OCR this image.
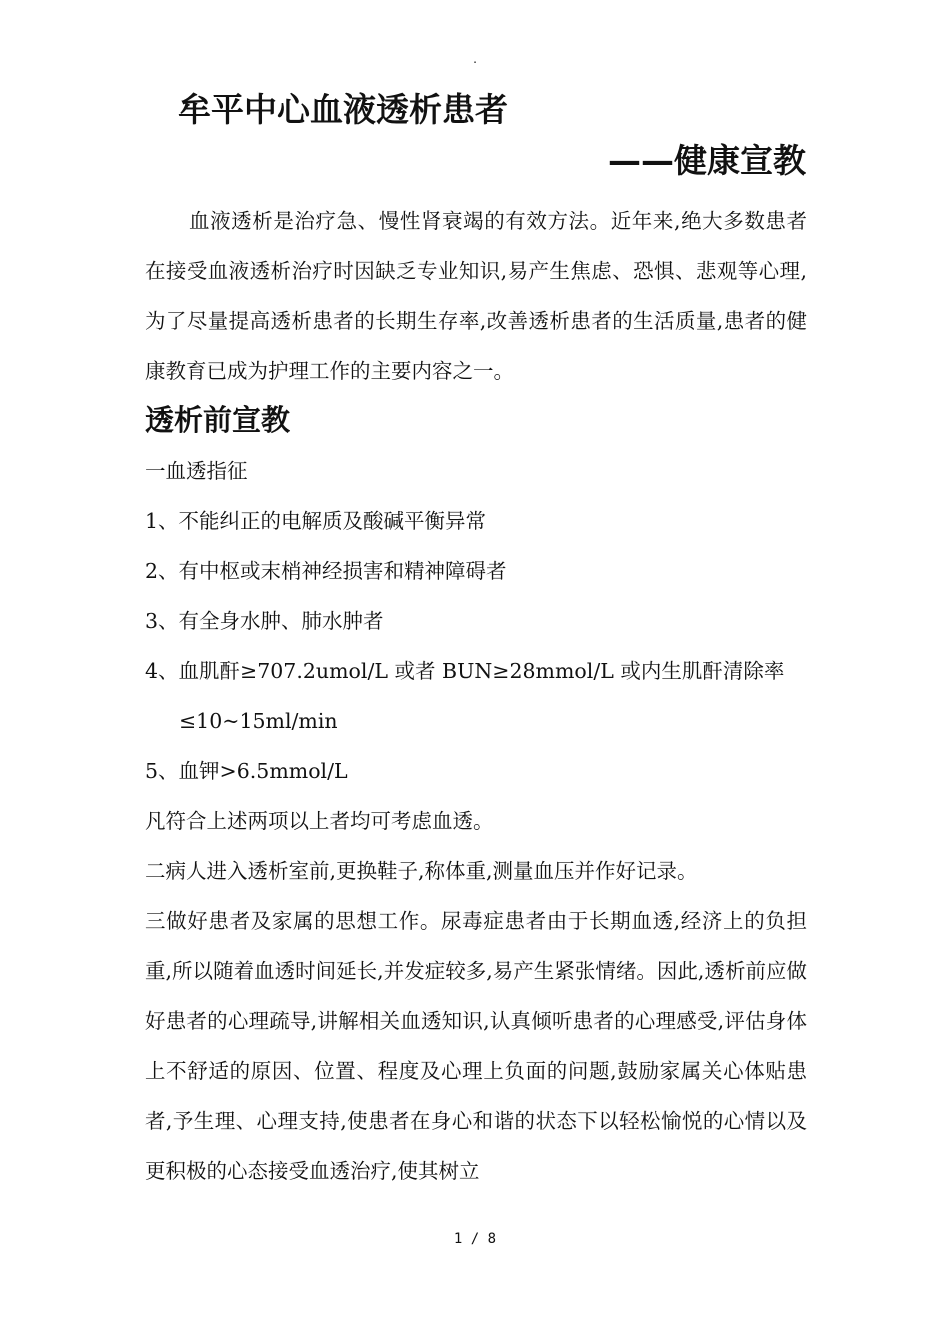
.
牟平中心血液透析患者
——健康宣教

血液透析是治疗急、慢性肾衰竭的有效方法。近年来,绝大多数患者在接受血液透析治疗时因缺乏专业知识,易产生焦虑、恐惧、悲观等心理,为了尽量提高透析患者的长期生存率,改善透析患者的生活质量,患者的健康教育已成为护理工作的主要内容之一。

透析前宣教

一血透指征

1、不能纠正的电解质及酸碱平衡异常

2、有中枢或末梢神经损害和精神障碍者

3、有全身水肿、肺水肿者

4、血肌酐≥707.2umol/L 或者 BUN≥28mmol/L 或内生肌酐清除率≤10~15ml/min

5、血钾>6.5mmol/L

凡符合上述两项以上者均可考虑血透。

二病人进入透析室前,更换鞋子,称体重,测量血压并作好记录。

三做好患者及家属的思想工作。尿毒症患者由于长期血透,经济上的负担重,所以随着血透时间延长,并发症较多,易产生紧张情绪。因此,透析前应做好患者的心理疏导,讲解相关血透知识,认真倾听患者的心理感受,评估身体上不舒适的原因、位置、程度及心理上负面的问题,鼓励家属关心体贴患者,予生理、心理支持,使患者在身心和谐的状态下以轻松愉悦的心情以及更积极的心态接受血透治疗,使其树立

1 / 8
